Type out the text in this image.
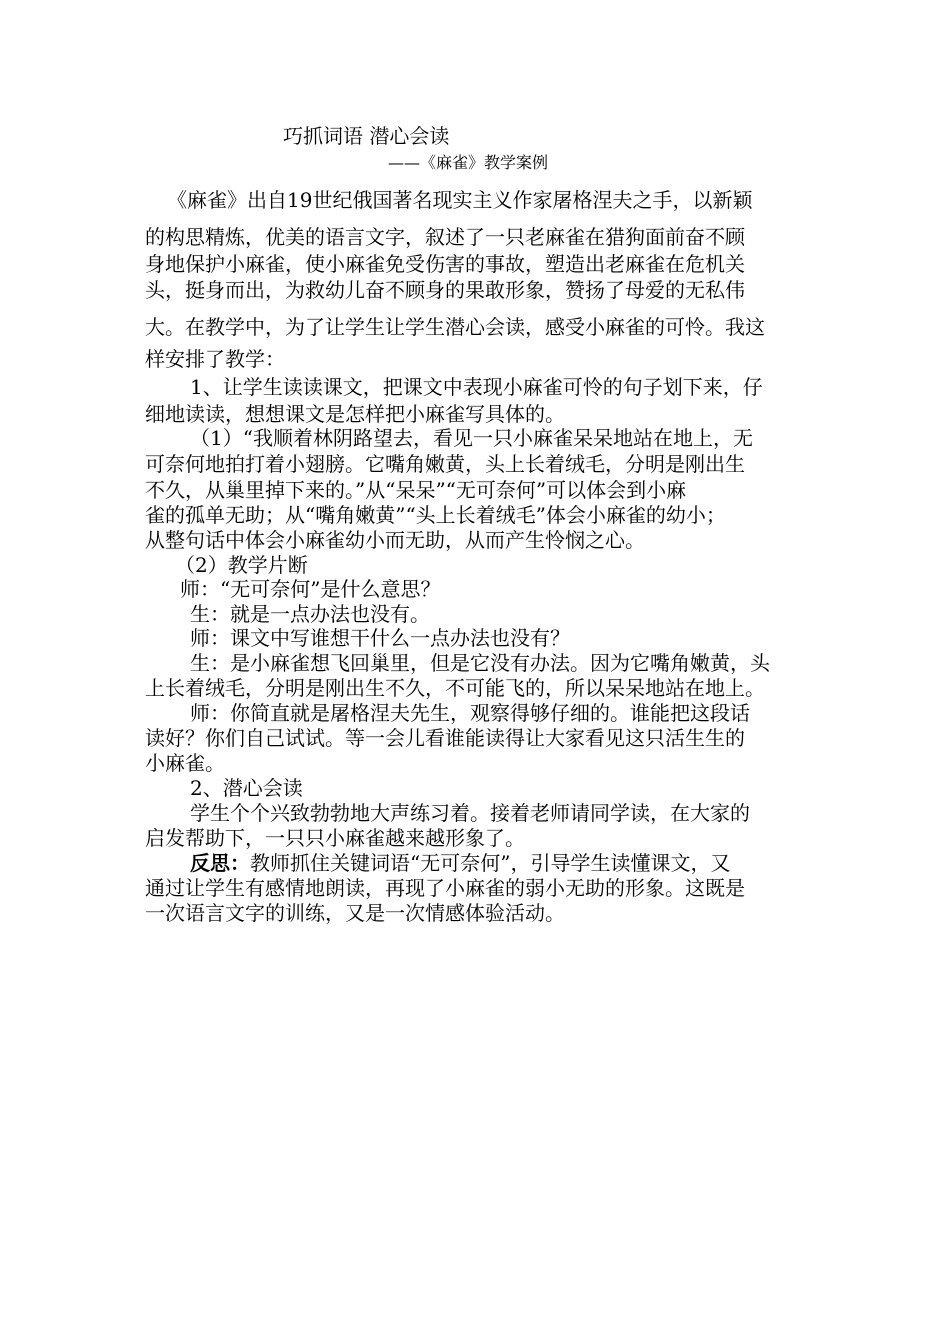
巧抓词语 潜心会读
——《麻雀》教学案例
《麻雀》出自19世纪俄国著名现实主义作家屠格涅夫之手，以新颖
的构思精炼，优美的语言文字，叙述了一只老麻雀在猎狗面前奋不顾
身地保护小麻雀，使小麻雀免受伤害的事故，塑造出老麻雀在危机关
头，挺身而出，为救幼儿奋不顾身的果敢形象，赞扬了母爱的无私伟
大。在教学中，为了让学生让学生潜心会读，感受小麻雀的可怜。我这
样安排了教学：
1、让学生读读课文，把课文中表现小麻雀可怜的句子划下来，仔
细地读读，想想课文是怎样把小麻雀写具体的。
（1）“我顺着林阴路望去，看见一只小麻雀呆呆地站在地上，无
可奈何地拍打着小翅膀。它嘴角嫩黄，头上长着绒毛，分明是刚出生
不久，从巢里掉下来的。”从“呆呆”“无可奈何”可以体会到小麻
雀的孤单无助；从“嘴角嫩黄”“头上长着绒毛”体会小麻雀的幼小；
从整句话中体会小麻雀幼小而无助，从而产生怜悯之心。
（2）教学片断
师：“无可奈何”是什么意思？
生：就是一点办法也没有。
师：课文中写谁想干什么一点办法也没有？
生：是小麻雀想飞回巢里，但是它没有办法。因为它嘴角嫩黄，头
上长着绒毛，分明是刚出生不久，不可能飞的，所以呆呆地站在地上。
师：你简直就是屠格涅夫先生，观察得够仔细的。谁能把这段话
读好？你们自己试试。等一会儿看谁能读得让大家看见这只活生生的
小麻雀。
2、潜心会读
学生个个兴致勃勃地大声练习着。接着老师请同学读，在大家的
启发帮助下，一只只小麻雀越来越形象了。
反思：教师抓住关键词语“无可奈何”，引导学生读懂课文，又
通过让学生有感情地朗读，再现了小麻雀的弱小无助的形象。这既是
一次语言文字的训练，又是一次情感体验活动。
